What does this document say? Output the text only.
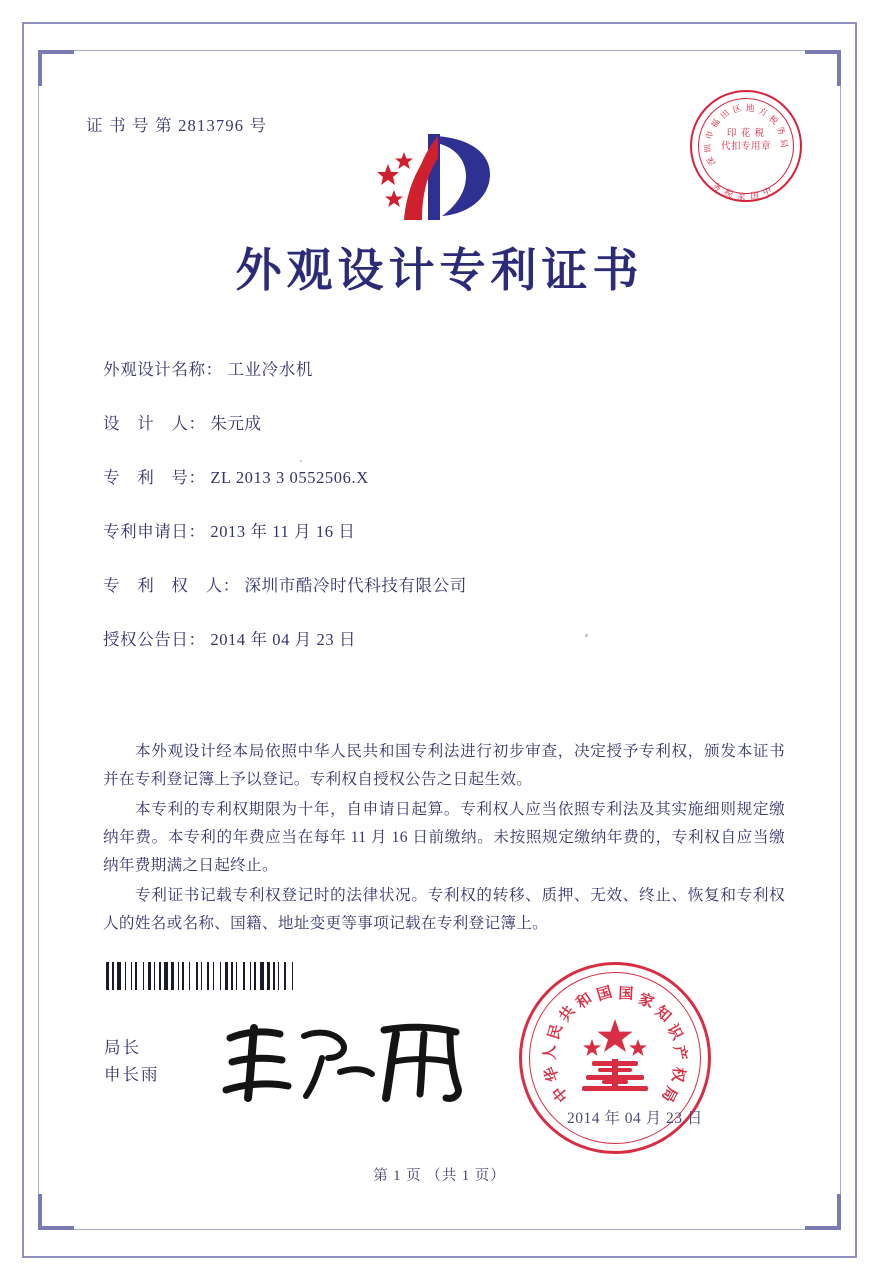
证 书 号 第 2813796 号
深
圳
市
福
田 区 地 方
税
务
局
中
国
家
税
务
印 花 税
代扣专用章
外观设计专利证书
外观设计名称： 工业冷水机
设　计　人： 朱元成
专　利　号： ZL 2013 3 0552506.X
专利申请日： 2013 年 11 月 16 日
专　利　权　人： 深圳市酷冷时代科技有限公司
授权公告日： 2014 年 04 月 23 日

本外观设计经本局依照中华人民共和国专利法进行初步审查，决定授予专利权，颁发本证书并在专利登记簿上予以登记。专利权自授权公告之日起生效。

本专利的专利权期限为十年，自申请日起算。专利权人应当依照专利法及其实施细则规定缴纳年费。本专利的年费应当在每年 11 月 16 日前缴纳。未按照规定缴纳年费的，专利权自应当缴纳年费期满之日起终止。

专利证书记载专利权登记时的法律状况。专利权的转移、质押、无效、终止、恢复和专利权人的姓名或名称、国籍、地址变更等事项记载在专利登记簿上。

局长
申长雨
中
华
人
民
共
和 国 国 家
知
识
产
权
局
2014 年 04 月 23 日
第 1 页 （共 1 页）
